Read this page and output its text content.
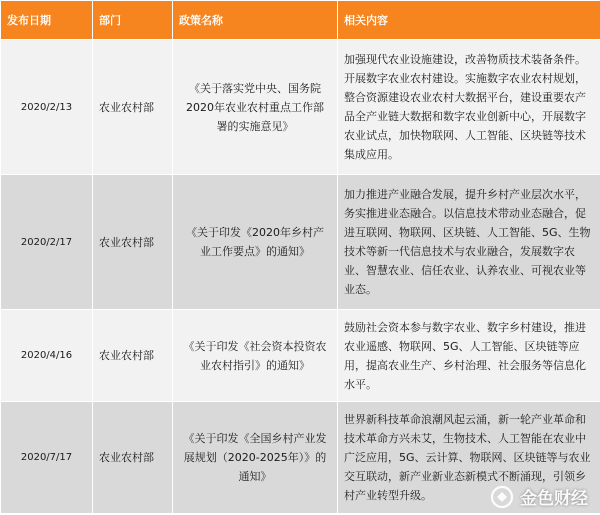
发布日期	部门	政策名称	相关内容
2020/2/13	农业农村部	《关于落实党中央、国务院2020年农业农村重点工作部署的实施意见》	加强现代农业设施建设，改善物质技术装备条件。开展数字农业农村建设。实施数字农业农村规划，整合资源建设农业农村大数据平台，建设重要农产品全产业链大数据和数字农业创新中心，开展数字农业试点，加快物联网、人工智能、区块链等技术集成应用。
2020/2/17	农业农村部	《关于印发《2020年乡村产业工作要点》的通知》	加力推进产业融合发展，提升乡村产业层次水平，务实推进业态融合。以信息技术带动业态融合，促进互联网、物联网、区块链、人工智能、5G、生物技术等新一代信息技术与农业融合，发展数字农业、智慧农业、信任农业、认养农业、可视农业等业态。
2020/4/16	农业农村部	《关于印发《社会资本投资农业农村指引》的通知》	鼓励社会资本参与数字农业、数字乡村建设，推进农业遥感、物联网、5G、人工智能、区块链等应用，提高农业生产、乡村治理、社会服务等信息化水平。
2020/7/17	农业农村部	《关于印发《全国乡村产业发展规划（2020-2025年）》的通知》	世界新科技革命浪潮风起云涌，新一轮产业革命和技术革命方兴未艾，生物技术、人工智能在农业中广泛应用，5G、云计算、物联网、区块链等与农业交互联动，新产业新业态新模式不断涌现，引领乡村产业转型升级。	金色财经
